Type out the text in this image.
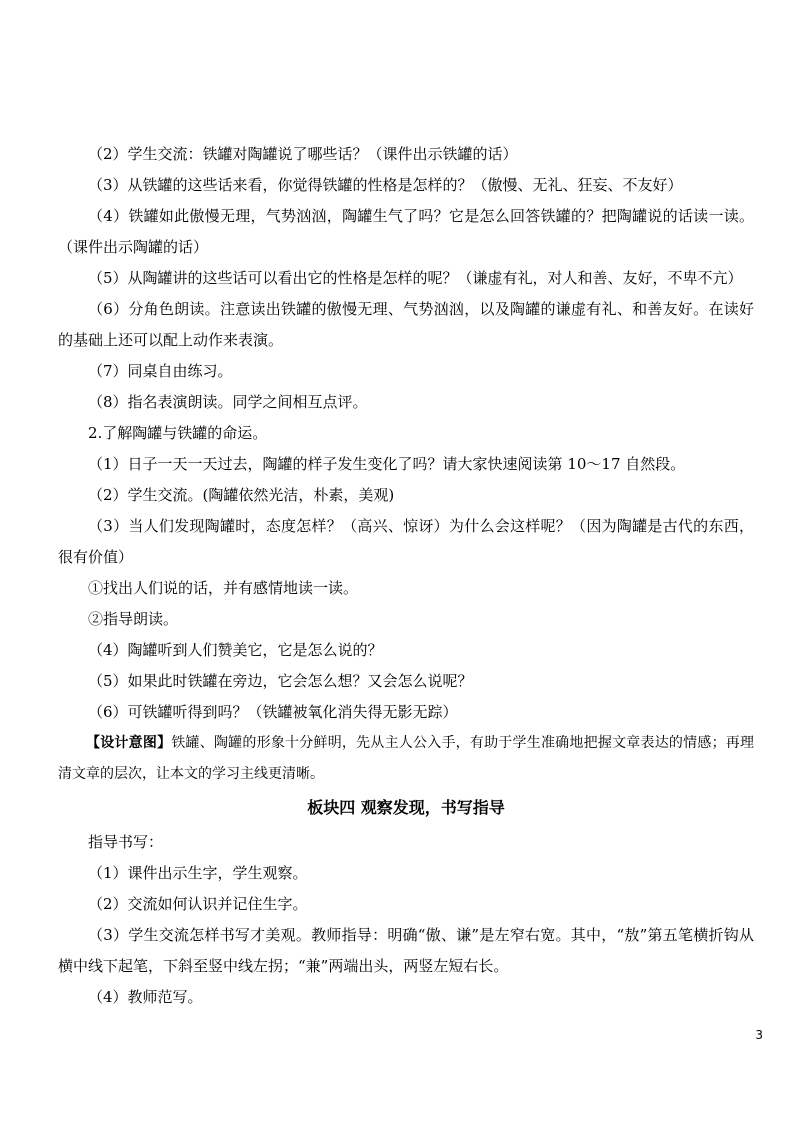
（2）学生交流：铁罐对陶罐说了哪些话？（课件出示铁罐的话）

（3）从铁罐的这些话来看，你觉得铁罐的性格是怎样的？（傲慢、无礼、狂妄、不友好）

（4）铁罐如此傲慢无理，气势汹汹，陶罐生气了吗？它是怎么回答铁罐的？把陶罐说的话读一读。（课件出示陶罐的话）

（5）从陶罐讲的这些话可以看出它的性格是怎样的呢？（谦虚有礼，对人和善、友好，不卑不亢）

（6）分角色朗读。注意读出铁罐的傲慢无理、气势汹汹，以及陶罐的谦虚有礼、和善友好。在读好的基础上还可以配上动作来表演。

（7）同桌自由练习。

（8）指名表演朗读。同学之间相互点评。

2.了解陶罐与铁罐的命运。

（1）日子一天一天过去，陶罐的样子发生变化了吗？请大家快速阅读第 10～17 自然段。

（2）学生交流。(陶罐依然光洁，朴素，美观)

（3）当人们发现陶罐时，态度怎样？（高兴、惊讶）为什么会这样呢？（因为陶罐是古代的东西，很有价值）

①找出人们说的话，并有感情地读一读。

②指导朗读。

（4）陶罐听到人们赞美它，它是怎么说的？

（5）如果此时铁罐在旁边，它会怎么想？又会怎么说呢？

（6）可铁罐听得到吗？（铁罐被氧化消失得无影无踪）

【设计意图】铁罐、陶罐的形象十分鲜明，先从主人公入手，有助于学生准确地把握文章表达的情感；再理清文章的层次，让本文的学习主线更清晰。

板块四 观察发现，书写指导

指导书写：

（1）课件出示生字，学生观察。

（2）交流如何认识并记住生字。

（3）学生交流怎样书写才美观。教师指导：明确“傲、谦”是左窄右宽。其中，“敖”第五笔横折钩从横中线下起笔，下斜至竖中线左拐；“兼”两端出头，两竖左短右长。

（4）教师范写。

3
